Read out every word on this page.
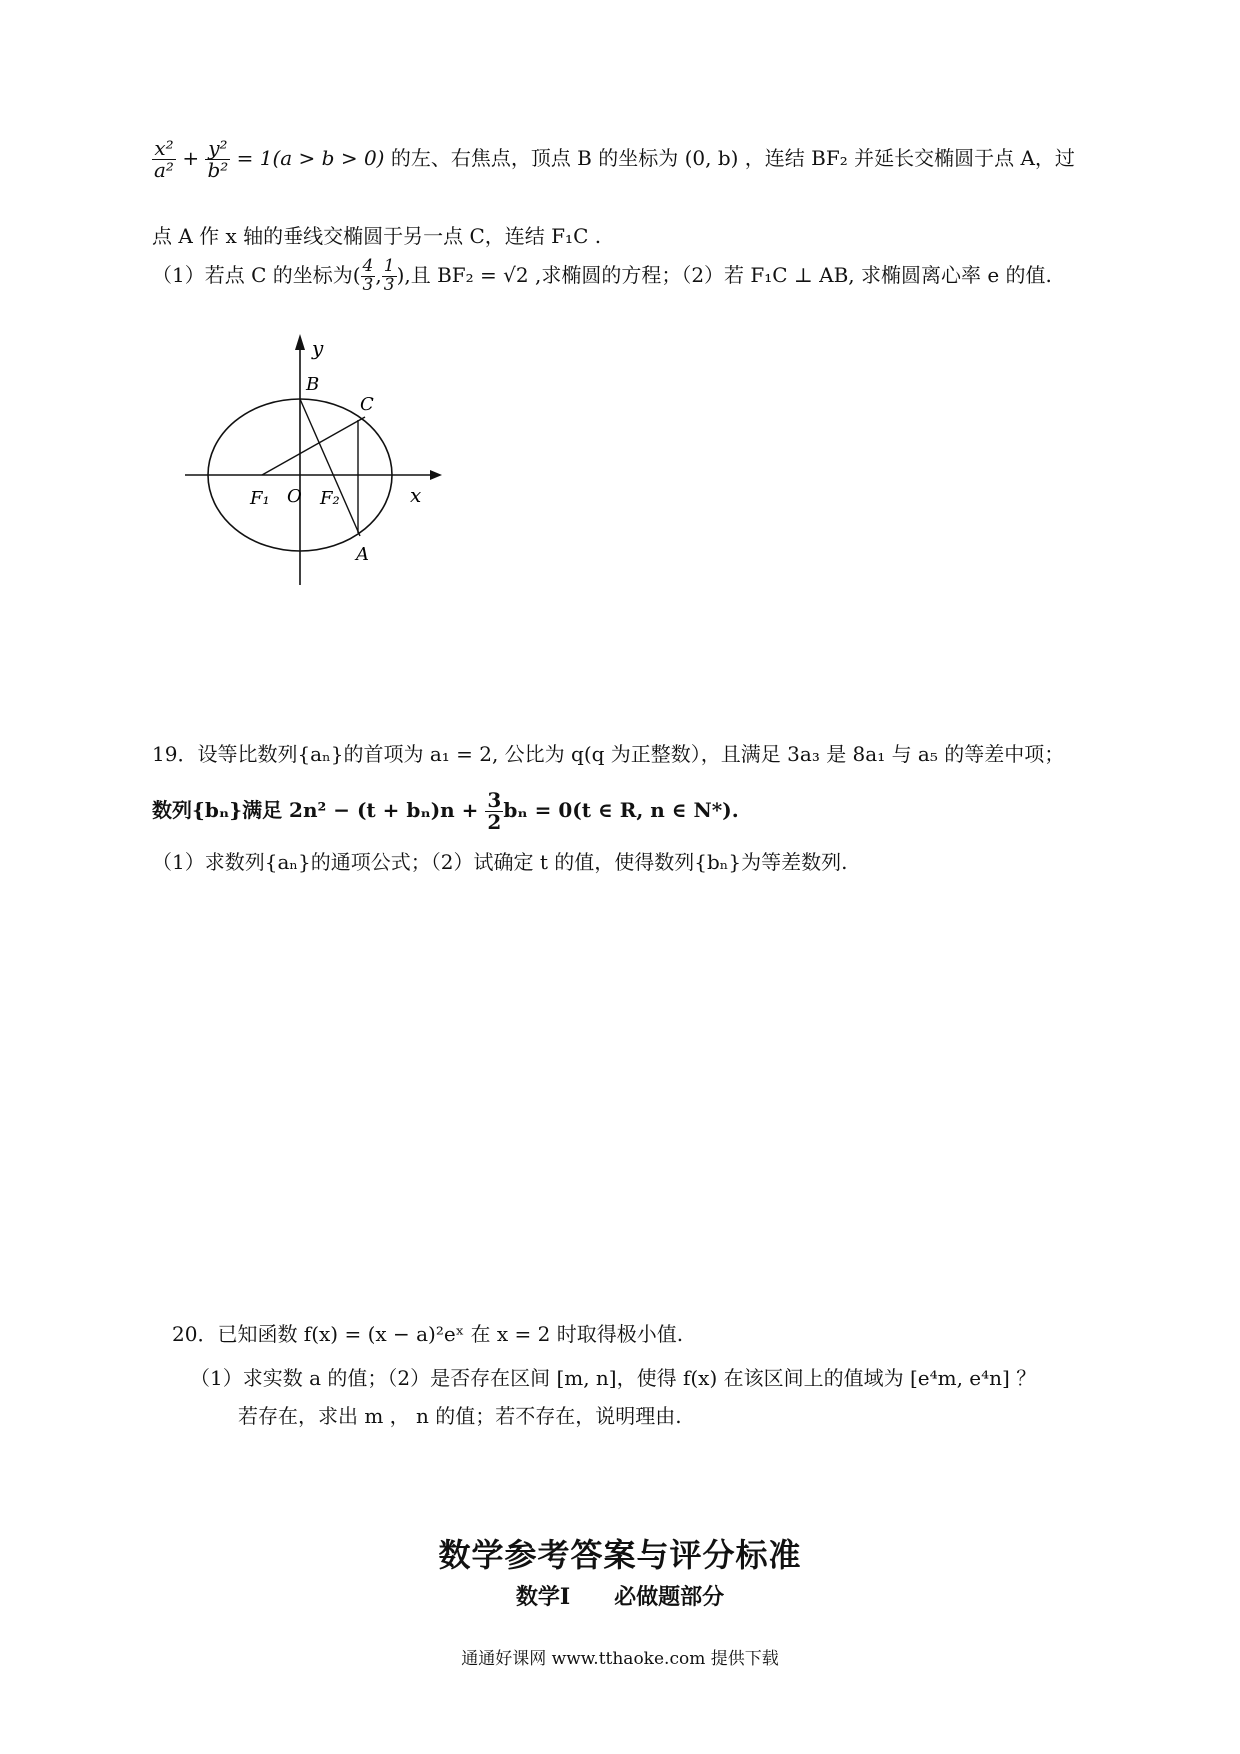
$\frac{\text{x²}}{\text{a²}} + \frac{\text{y²}}{\text{b²}} = 1(a > b > 0)$ 的左、右焦点，顶点 B 的坐标为 (0, b) ，连结 BF₂ 并延长交椭圆于点 A，过
点 A 作 x 轴的垂线交椭圆于另一点 C，连结 F₁C .
（1）若点 C 的坐标为( $\frac{4}{3}$ , $\frac{1}{3}$ ),且 BF₂ = √2 ,求椭圆的方程；（2）若 F₁C ⊥ AB, 求椭圆离心率 e 的值.
y
B
C
F₁ O F₂	x
A
19．设等比数列{aₙ}的首项为 a₁ = 2, 公比为 q(q 为正整数），且满足 3a₃ 是 8a₁ 与 a₅ 的等差中项；
数列{bₙ}满足 $2n^2 - (t + b_n)n + \frac{3}{2}$ bₙ = 0(t ∈ R, n ∈ N*).
（1）求数列{aₙ}的通项公式；（2）试确定 t 的值，使得数列{bₙ}为等差数列.
20．已知函数 f(x) = (x − a)²eˣ 在 x = 2 时取得极小值.
（1）求实数 a 的值；（2）是否存在区间 [m, n]，使得 f(x) 在该区间上的值域为 [e⁴m, e⁴n] ？
若存在，求出 m ， n 的值；若不存在，说明理由.
数学参考答案与评分标准
数学Ⅰ　　必做题部分
通通好课网 www.tthaoke.com 提供下载
